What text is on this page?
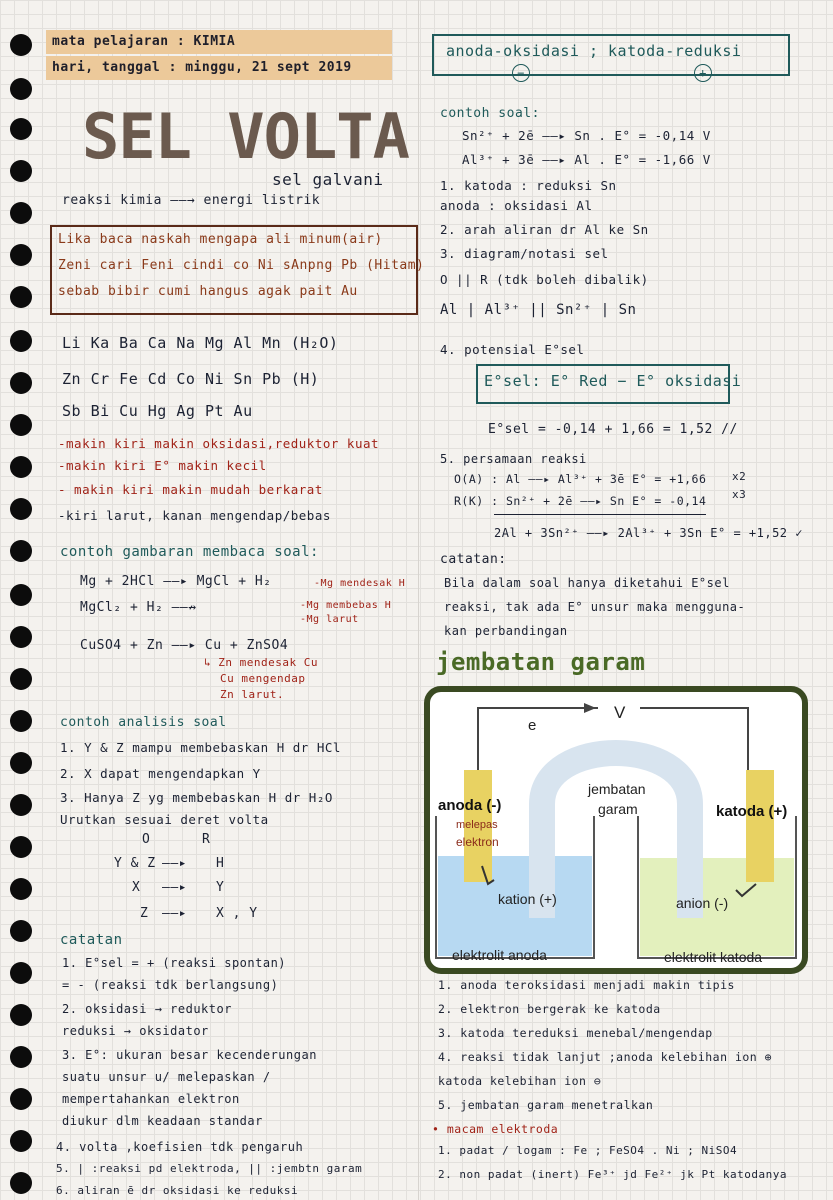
mata pelajaran : KIMIA
hari, tanggal : minggu, 21 sept 2019
SEL VOLTA
sel galvani
reaksi kimia ——→ energi listrik
Lika baca naskah mengapa ali minum(air)
Zeni cari Feni cindi co Ni sAnpng Pb (Hitam)
sebab bibir cumi hangus agak pait Au
Li Ka Ba Ca Na Mg Al Mn (H₂O)
Zn Cr Fe Cd Co Ni Sn Pb (H)
Sb Bi Cu Hg Ag Pt Au
-makin kiri makin oksidasi,reduktor kuat
-makin kiri E° makin kecil
- makin kiri makin mudah berkarat
-kiri larut, kanan mengendap/bebas
contoh gambaran membaca soal:
Mg + 2HCl ——▸ MgCl + H₂	-Mg mendesak H
MgCl₂ + H₂ ——↛	-Mg membebas H
-Mg larut
CuSO4 + Zn ——▸ Cu + ZnSO4
↳ Zn mendesak Cu
Cu mengendap
Zn larut.
contoh analisis soal
1. Y & Z mampu membebaskan H dr HCl
2. X dapat mengendapkan Y
3. Hanya Z yg membebaskan H dr H₂O
Urutkan sesuai deret volta
O	R
Y & Z ——▸ H
X ——▸ Y
Z ——▸ X , Y
catatan
1. E°sel = + (reaksi spontan)
= - (reaksi tdk berlangsung)
2. oksidasi → reduktor
reduksi → oksidator
3. E°: ukuran besar kecenderungan
suatu unsur u/ melepaskan /
mempertahankan elektron
diukur dlm keadaan standar
4. volta ,koefisien tdk pengaruh
5. | :reaksi pd elektroda, || :jembtn garam
6. aliran ē dr oksidasi ke reduksi
anoda-oksidasi ; katoda-reduksi
−	+
contoh soal:
Sn²⁺ + 2ē ——▸ Sn . E° = -0,14 V
Al³⁺ + 3ē ——▸ Al . E° = -1,66 V
1. katoda : reduksi Sn
anoda : oksidasi Al
2. arah aliran dr Al ke Sn
3. diagram/notasi sel
O || R (tdk boleh dibalik)
Al | Al³⁺ || Sn²⁺ | Sn
4. potensial E°sel
E°sel: E° Red − E° oksidasi
E°sel = -0,14 + 1,66 = 1,52 //
5. persamaan reaksi
O(A) : Al ——▸ Al³⁺ + 3ē E° = +1,66
R(K) : Sn²⁺ + 2ē ——▸ Sn E° = -0,14
x2
x3
2Al + 3Sn²⁺ ——▸ 2Al³⁺ + 3Sn E° = +1,52 ✓
catatan:
Bila dalam soal hanya diketahui E°sel
reaksi, tak ada E° unsur maka mengguna-
kan perbandingan
jembatan garam
e
V
jembatan
garam
anoda (-)	katoda (+)
melepas
elektron
kation (+)	anion (-)
elektrolit anoda	elektrolit katoda
1. anoda teroksidasi menjadi makin tipis
2. elektron bergerak ke katoda
3. katoda tereduksi menebal/mengendap
4. reaksi tidak lanjut ;anoda kelebihan ion ⊕
katoda kelebihan ion ⊖
5. jembatan garam menetralkan
• macam elektroda
1. padat / logam : Fe ; FeSO4 . Ni ; NiSO4
2. non padat (inert) Fe³⁺ jd Fe²⁺ jk Pt katodanya
